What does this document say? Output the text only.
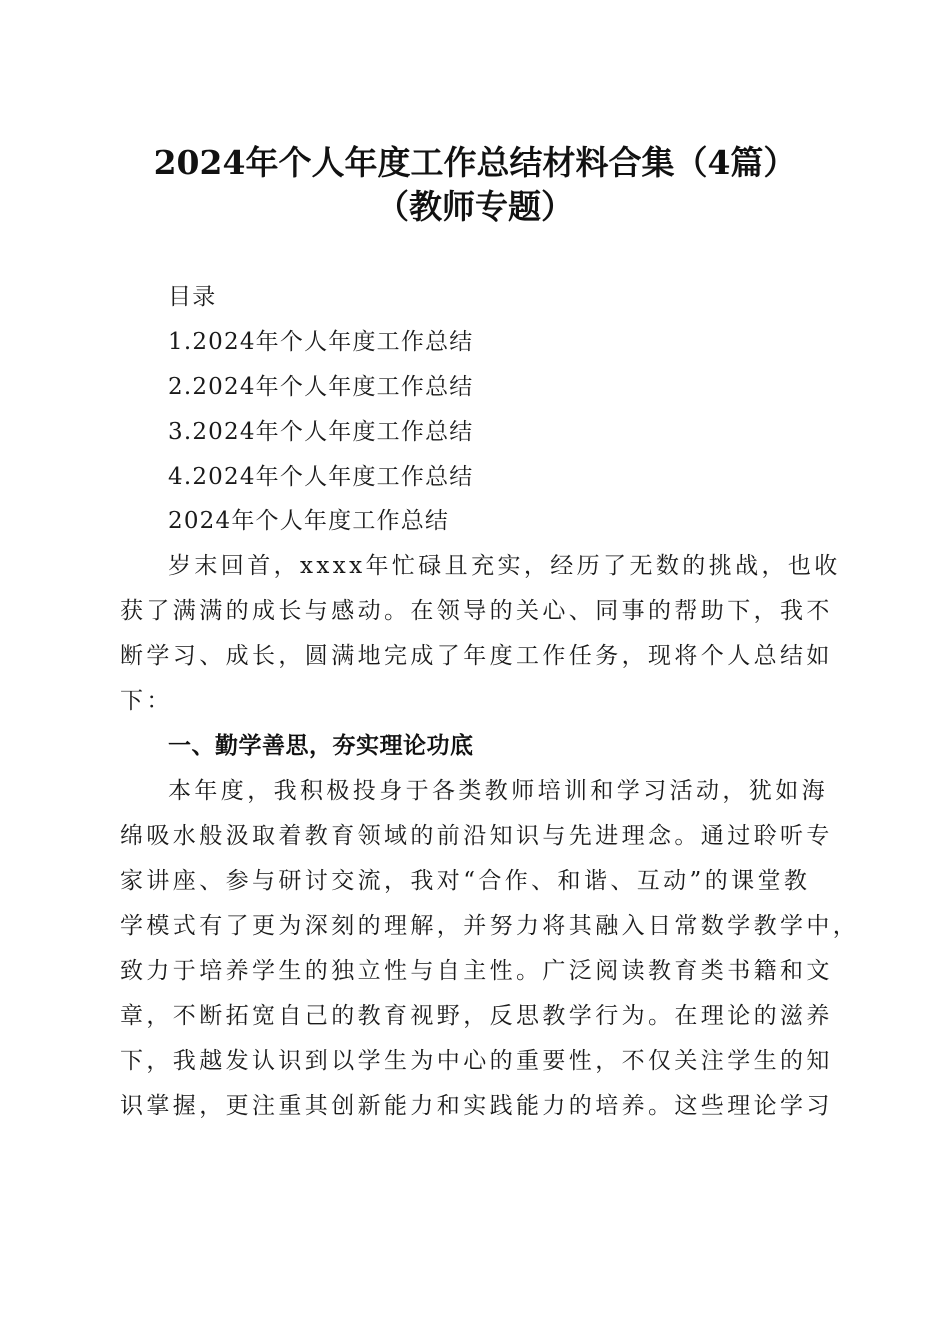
2024年个人年度工作总结材料合集（4篇）
（教师专题）

目录

1.2024年个人年度工作总结

2.2024年个人年度工作总结

3.2024年个人年度工作总结

4.2024年个人年度工作总结

2024年个人年度工作总结

岁末回首，xxxx年忙碌且充实，经历了无数的挑战，也收

获了满满的成长与感动。在领导的关心、同事的帮助下，我不

断学习、成长，圆满地完成了年度工作任务，现将个人总结如

下：

一、勤学善思，夯实理论功底

本年度，我积极投身于各类教师培训和学习活动，犹如海

绵吸水般汲取着教育领域的前沿知识与先进理念。通过聆听专

家讲座、参与研讨交流，我对“合作、和谐、互动”的课堂教

学模式有了更为深刻的理解，并努力将其融入日常数学教学中，

致力于培养学生的独立性与自主性。广泛阅读教育类书籍和文

章，不断拓宽自己的教育视野，反思教学行为。在理论的滋养

下，我越发认识到以学生为中心的重要性，不仅关注学生的知

识掌握，更注重其创新能力和实践能力的培养。这些理论学习
